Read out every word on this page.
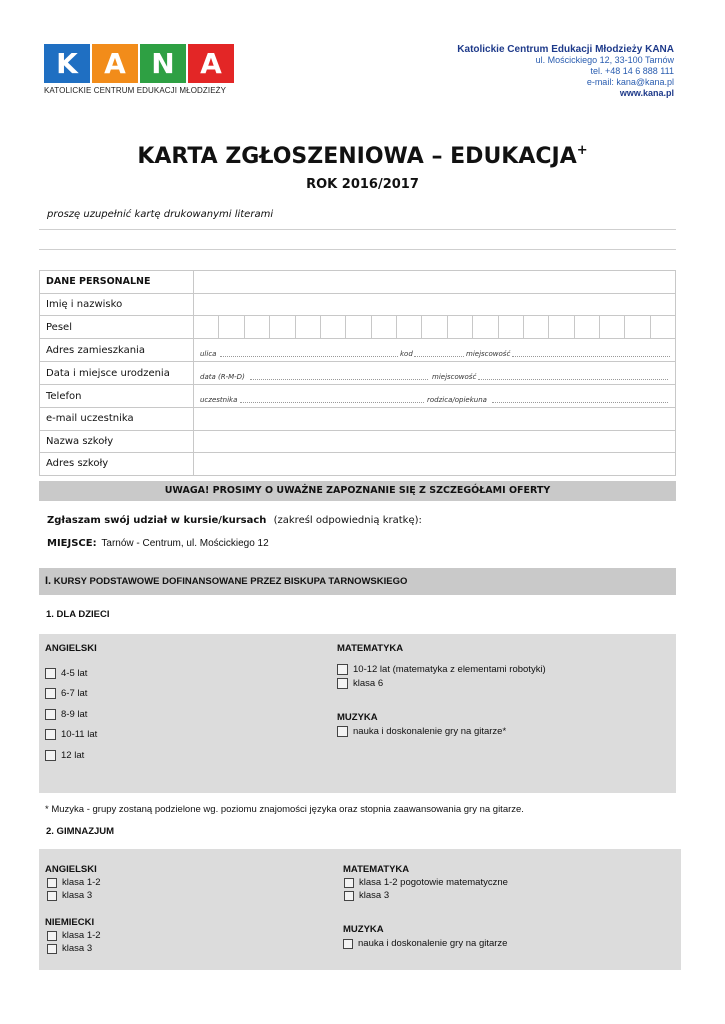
K A N A
KATOLICKIE CENTRUM EDUKACJI MŁODZIEŻY
Katolickie Centrum Edukacji Młodzieży KANA
ul. Mościckiego 12, 33-100 Tarnów
tel. +48 14 6 888 111
e-mail: kana@kana.pl
www.kana.pl
KARTA ZGŁOSZENIOWA – EDUKACJA+
ROK 2016/2017
proszę uzupełnić kartę drukowanymi literami
DANE PERSONALNE	
Imię i nazwisko	
Pesel	

Adres zamieszkania	ulica kod miejscowość

Data i miejsce urodzenia	data (R-M-D) miejscowość

Telefon	uczestnika rodzica/opiekuna

e-mail uczestnika	
Nazwa szkoły	
Adres szkoły	
UWAGA! PROSIMY O UWAŻNE ZAPOZNANIE SIĘ Z SZCZEGÓŁAMI OFERTY
Zgłaszam swój udział w kursie/kursach (zakreśl odpowiednią kratkę):
MIEJSCE: Tarnów - Centrum, ul. Mościckiego 12
I. KURSY PODSTAWOWE DOFINANSOWANE PRZEZ BISKUPA TARNOWSKIEGO
1. DLA DZIECI
ANGIELSKI
4-5 lat
6-7 lat
8-9 lat
10-11 lat
12 lat
MATEMATYKA
10-12 lat (matematyka z elementami robotyki)
klasa 6
MUZYKA
nauka i doskonalenie gry na gitarze*
* Muzyka - grupy zostaną podzielone wg. poziomu znajomości języka oraz stopnia zaawansowania gry na gitarze.
2. GIMNAZJUM
ANGIELSKI
klasa 1-2
klasa 3
NIEMIECKI
klasa 1-2
klasa 3
MATEMATYKA
klasa 1-2 pogotowie matematyczne
klasa 3
MUZYKA
nauka i doskonalenie gry na gitarze
